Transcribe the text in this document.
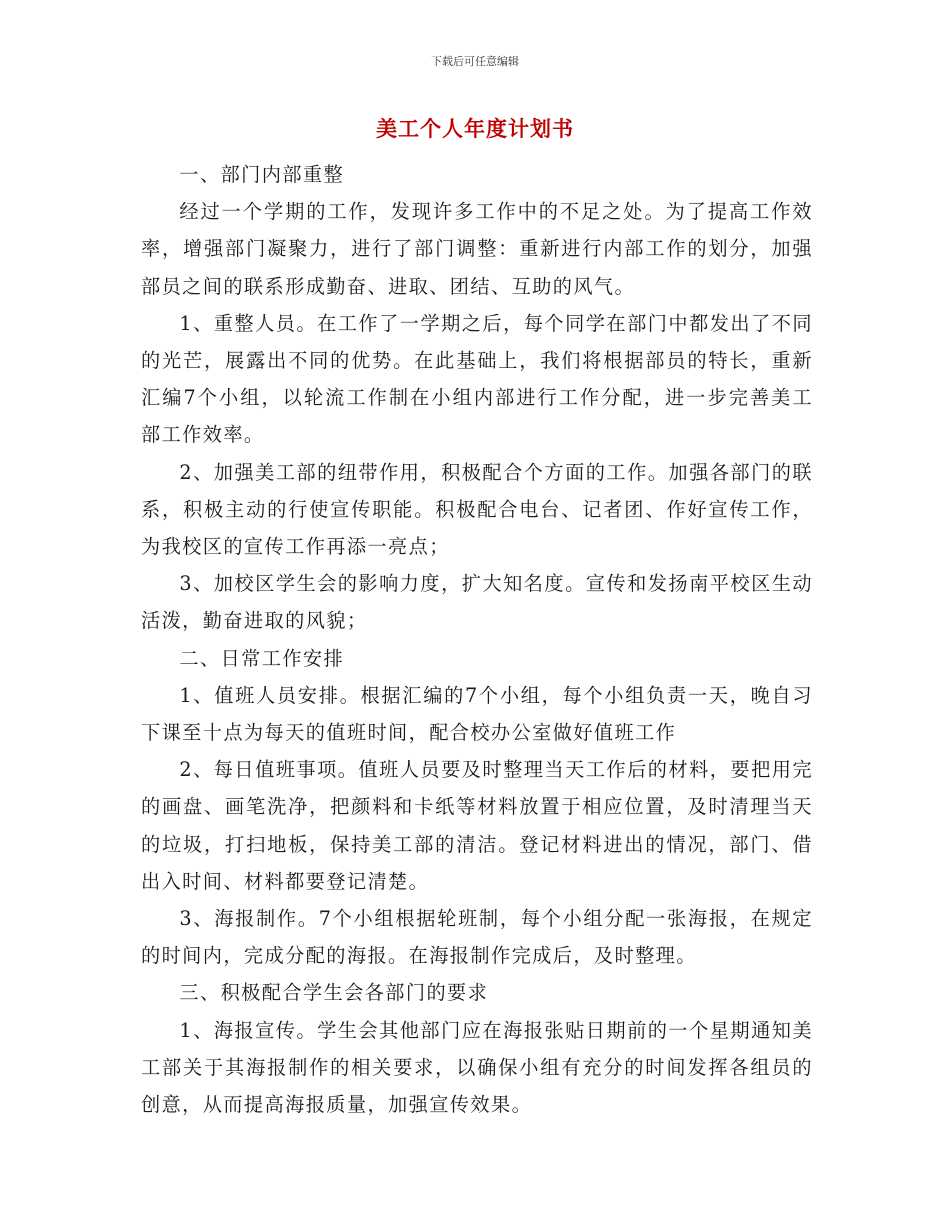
下载后可任意编辑
美工个人年度计划书

一、部门内部重整

经过一个学期的工作，发现许多工作中的不足之处。为了提高工作效率，增强部门凝聚力，进行了部门调整：重新进行内部工作的划分，加强部员之间的联系形成勤奋、进取、团结、互助的风气。

1、重整人员。在工作了一学期之后，每个同学在部门中都发出了不同的光芒，展露出不同的优势。在此基础上，我们将根据部员的特长，重新汇编7个小组，以轮流工作制在小组内部进行工作分配，进一步完善美工部工作效率。

2、加强美工部的纽带作用，积极配合个方面的工作。加强各部门的联系，积极主动的行使宣传职能。积极配合电台、记者团、作好宣传工作，为我校区的宣传工作再添一亮点；

3、加校区学生会的影响力度，扩大知名度。宣传和发扬南平校区生动活泼，勤奋进取的风貌；

二、日常工作安排

1、值班人员安排。根据汇编的7个小组，每个小组负责一天，晚自习下课至十点为每天的值班时间，配合校办公室做好值班工作

2、每日值班事项。值班人员要及时整理当天工作后的材料，要把用完的画盘、画笔洗净，把颜料和卡纸等材料放置于相应位置，及时清理当天的垃圾，打扫地板，保持美工部的清洁。登记材料进出的情况，部门、借出入时间、材料都要登记清楚。

3、海报制作。7个小组根据轮班制，每个小组分配一张海报，在规定的时间内，完成分配的海报。在海报制作完成后，及时整理。

三、积极配合学生会各部门的要求

1、海报宣传。学生会其他部门应在海报张贴日期前的一个星期通知美工部关于其海报制作的相关要求，以确保小组有充分的时间发挥各组员的创意，从而提高海报质量，加强宣传效果。
